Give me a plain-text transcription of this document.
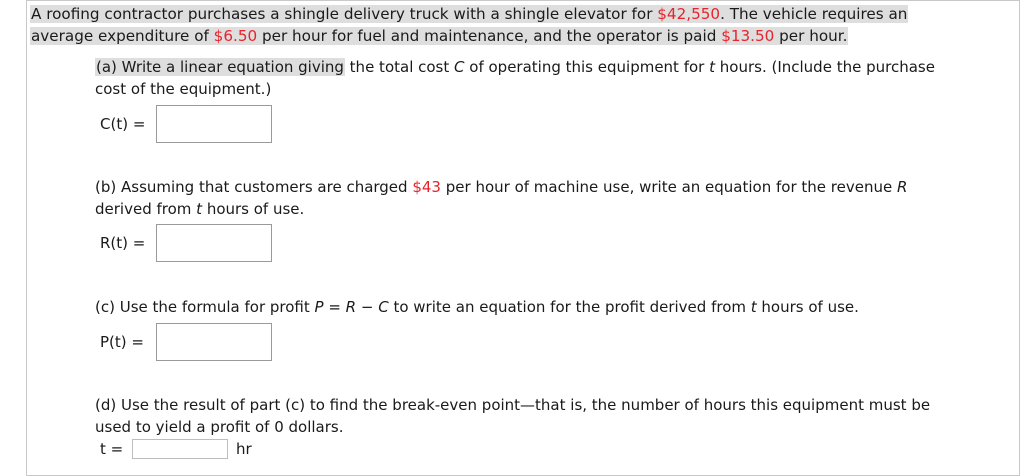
A roofing contractor purchases a shingle delivery truck with a shingle elevator for $42,550. The vehicle requires an
average expenditure of $6.50 per hour for fuel and maintenance, and the operator is paid $13.50 per hour.
(a) Write a linear equation giving the total cost C of operating this equipment for t hours. (Include the purchase
cost of the equipment.)
C(t) =
(b) Assuming that customers are charged $43 per hour of machine use, write an equation for the revenue R
derived from t hours of use.
R(t) =
(c) Use the formula for profit P = R − C to write an equation for the profit derived from t hours of use.
P(t) =
(d) Use the result of part (c) to find the break-even point—that is, the number of hours this equipment must be
used to yield a profit of 0 dollars.
t =	hr
